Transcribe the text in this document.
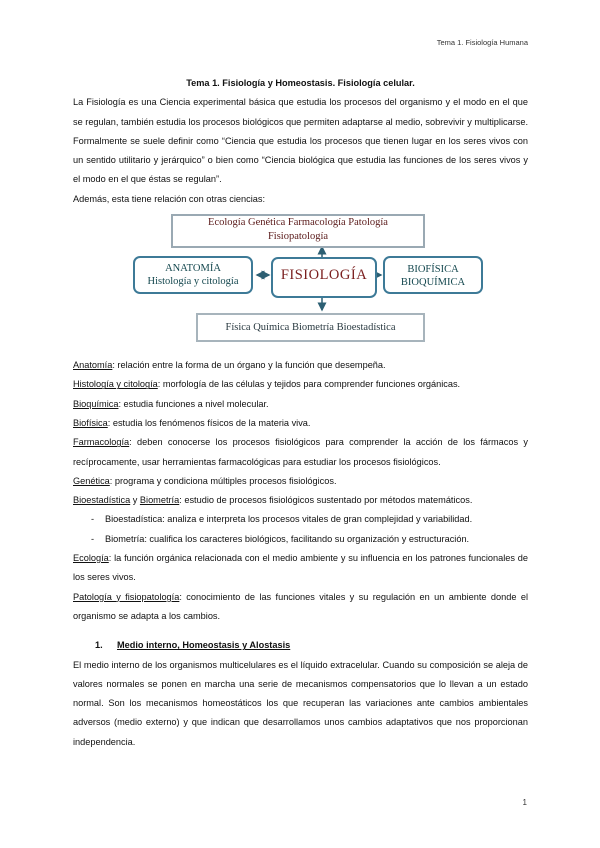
Tema 1. Fisiología Humana
Tema 1. Fisiología y Homeostasis. Fisiología celular.
La Fisiología es una Ciencia experimental básica que estudia los procesos del organismo y el modo en el que se regulan, también estudia los procesos biológicos que permiten adaptarse al medio, sobrevivir y multiplicarse.
Formalmente se suele definir como “Ciencia que estudia los procesos que tienen lugar en los seres vivos con un sentido utilitario y jerárquico” o bien como “Ciencia biológica que estudia las funciones de los seres vivos y el modo en el que éstas se regulan”.
Además, esta tiene relación con otras ciencias:
Ecología Genética Farmacología Patología
Fisiopatología
ANATOMÍA
Histología y citología	FISIOLOGÍA	BIOFÍSICA
BIOQUÍMICA
Física Química Biometría Bioestadística
Anatomía: relación entre la forma de un órgano y la función que desempeña.
Histología y citología: morfología de las células y tejidos para comprender funciones orgánicas.
Bioquímica: estudia funciones a nivel molecular.
Biofísica: estudia los fenómenos físicos de la materia viva.
Farmacología: deben conocerse los procesos fisiológicos para comprender la acción de los fármacos y recíprocamente, usar herramientas farmacológicas para estudiar los procesos fisiológicos.
Genética: programa y condiciona múltiples procesos fisiológicos.
Bioestadística y Biometría: estudio de procesos fisiológicos sustentado por métodos matemáticos.
- Bioestadística: analiza e interpreta los procesos vitales de gran complejidad y variabilidad.
- Biometría: cualifica los caracteres biológicos, facilitando su organización y estructuración.
Ecología: la función orgánica relacionada con el medio ambiente y su influencia en los patrones funcionales de los seres vivos.
Patología y fisiopatología: conocimiento de las funciones vitales y su regulación en un ambiente donde el organismo se adapta a los cambios.
1. Medio interno, Homeostasis y Alostasis
El medio interno de los organismos multicelulares es el líquido extracelular. Cuando su composición se aleja de valores normales se ponen en marcha una serie de mecanismos compensatorios que lo llevan a un estado normal. Son los mecanismos homeostáticos los que recuperan las variaciones ante cambios ambientales adversos (medio externo) y que indican que desarrollamos unos cambios adaptativos que nos proporcionan independencia.
1
